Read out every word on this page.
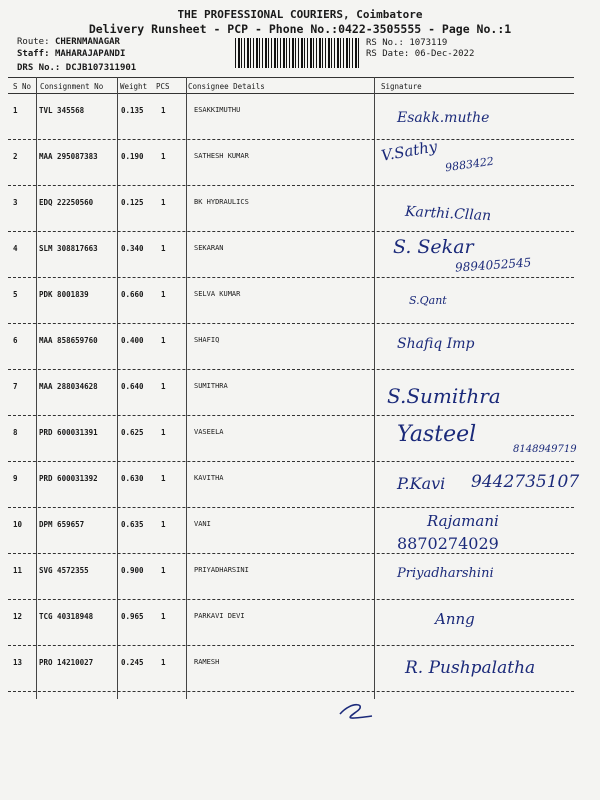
THE PROFESSIONAL COURIERS, Coimbatore
Delivery Runsheet - PCP - Phone No.:0422-3505555 - Page No.:1
Route: CHERNMANAGAR
Staff: MAHARAJAPANDI
DRS No.: DCJB107311901
RS No.: 1073119
RS Date: 06-Dec-2022
S No Consignment No Weight PCS Consignee Details	Signature
1	TVL 345568	0.135 1	ESAKKIMUTHU	Esakk.muthe
2	MAA 295087383	0.190 1	SATHESH KUMAR	V.Sathy 9883422
3	EDQ 22250560	0.125 1	BK HYDRAULICS
Karthi.Cllan
4	SLM 308817663	0.340 1	SEKARAN	S. Sekar
9894052545
5	PDK 8001839	0.660 1	SELVA KUMAR	S.Qant
6	MAA 858659760	0.400 1	SHAFIQ	Shafiq Imp
7	MAA 288034628	0.640 1	SUMITHRA	S.Sumithra
8	PRD 600031391	0.625 1	VASEELA	Yasteel
8148949719
9	PRD 600031392	0.630 1	KAVITHA	P.Kavi 9442735107
10 DPM 659657	0.635 1	VANI	Rajamani
8870274029
11 SVG 4572355	0.900 1	PRIYADHARSINI	Priyadharshini
12 TCG 40318948	0.965 1	PARKAVI DEVI	Anng
13 PRO 14210027	0.245 1	RAMESH	R. Pushpalatha
